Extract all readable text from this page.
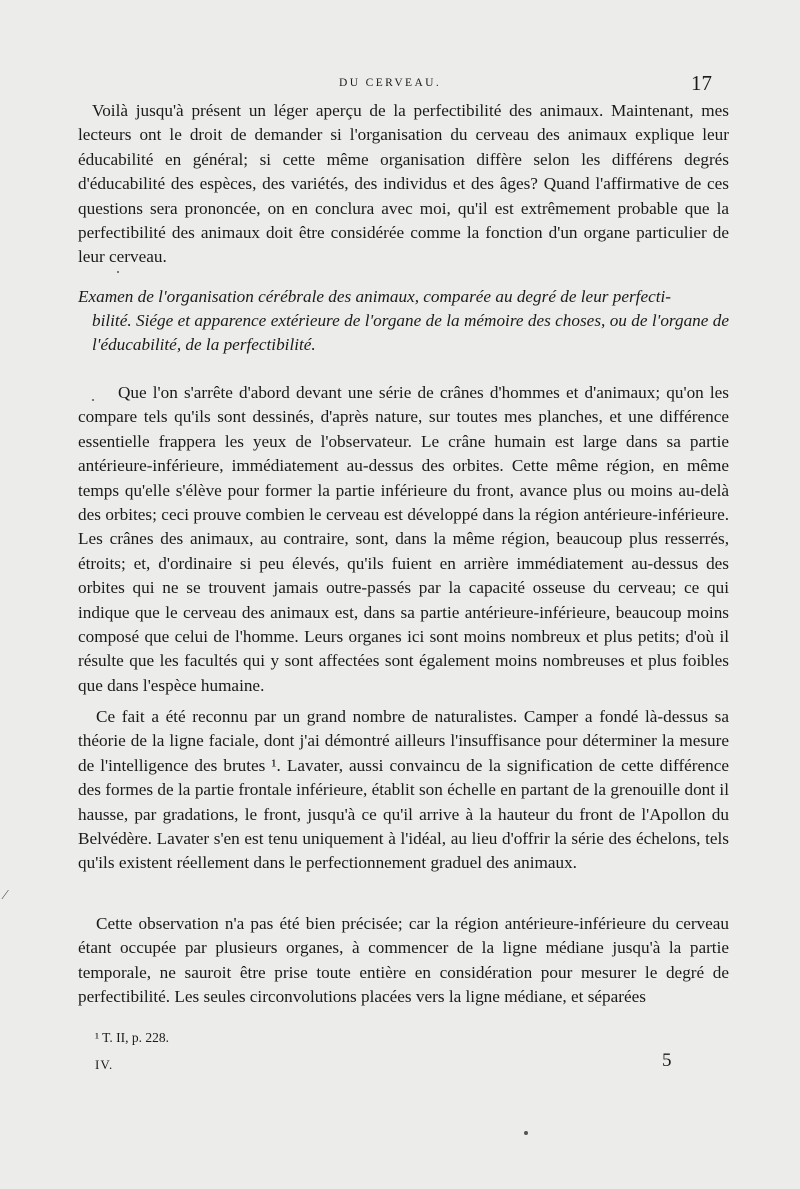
DU CERVEAU.	17
Voilà jusqu'à présent un léger aperçu de la perfectibilité des animaux. Maintenant, mes lecteurs ont le droit de demander si l'organisation du cerveau des animaux explique leur éducabilité en général; si cette même organisation diffère selon les différens degrés d'éducabilité des espèces, des variétés, des individus et des âges? Quand l'affirmative de ces questions sera prononcée, on en conclura avec moi, qu'il est extrêmement probable que la perfectibilité des animaux doit être considérée comme la fonction d'un organe particulier de leur cerveau.
Examen de l'organisation cérébrale des animaux, comparée au degré de leur perfecti-
bilité. Siége et apparence extérieure de l'organe de la mémoire des choses, ou de l'organe de l'éducabilité, de la perfectibilité.
Que l'on s'arrête d'abord devant une série de crânes d'hommes et d'animaux; qu'on les compare tels qu'ils sont dessinés, d'après nature, sur toutes mes planches, et une différence essentielle frappera les yeux de l'observateur. Le crâne humain est large dans sa partie antérieure-inférieure, immédiatement au-dessus des orbites. Cette même région, en même temps qu'elle s'élève pour former la partie inférieure du front, avance plus ou moins au-delà des orbites; ceci prouve combien le cerveau est développé dans la région antérieure-inférieure. Les crânes des animaux, au contraire, sont, dans la même région, beaucoup plus resserrés, étroits; et, d'ordinaire si peu élevés, qu'ils fuient en arrière immédiatement au-dessus des orbites qui ne se trouvent jamais outre-passés par la capacité osseuse du cerveau; ce qui indique que le cerveau des animaux est, dans sa partie antérieure-inférieure, beaucoup moins composé que celui de l'homme. Leurs organes ici sont moins nombreux et plus petits; d'où il résulte que les facultés qui y sont affectées sont également moins nombreuses et plus foibles que dans l'espèce humaine.
Ce fait a été reconnu par un grand nombre de naturalistes. Camper a fondé là-dessus sa théorie de la ligne faciale, dont j'ai démontré ailleurs l'insuffisance pour déterminer la mesure de l'intelligence des brutes ¹. Lavater, aussi convaincu de la signification de cette différence des formes de la partie frontale inférieure, établit son échelle en partant de la grenouille dont il hausse, par gradations, le front, jusqu'à ce qu'il arrive à la hauteur du front de l'Apollon du Belvédère. Lavater s'en est tenu uniquement à l'idéal, au lieu d'offrir la série des échelons, tels qu'ils existent réellement dans le perfectionnement graduel des animaux.
Cette observation n'a pas été bien précisée; car la région antérieure-inférieure du cerveau étant occupée par plusieurs organes, à commencer de la ligne médiane jusqu'à la partie temporale, ne sauroit être prise toute entière en considération pour mesurer le degré de perfectibilité. Les seules circonvolutions placées vers la ligne médiane, et séparées
¹ T. II, p. 228.
IV.	5
⁄
